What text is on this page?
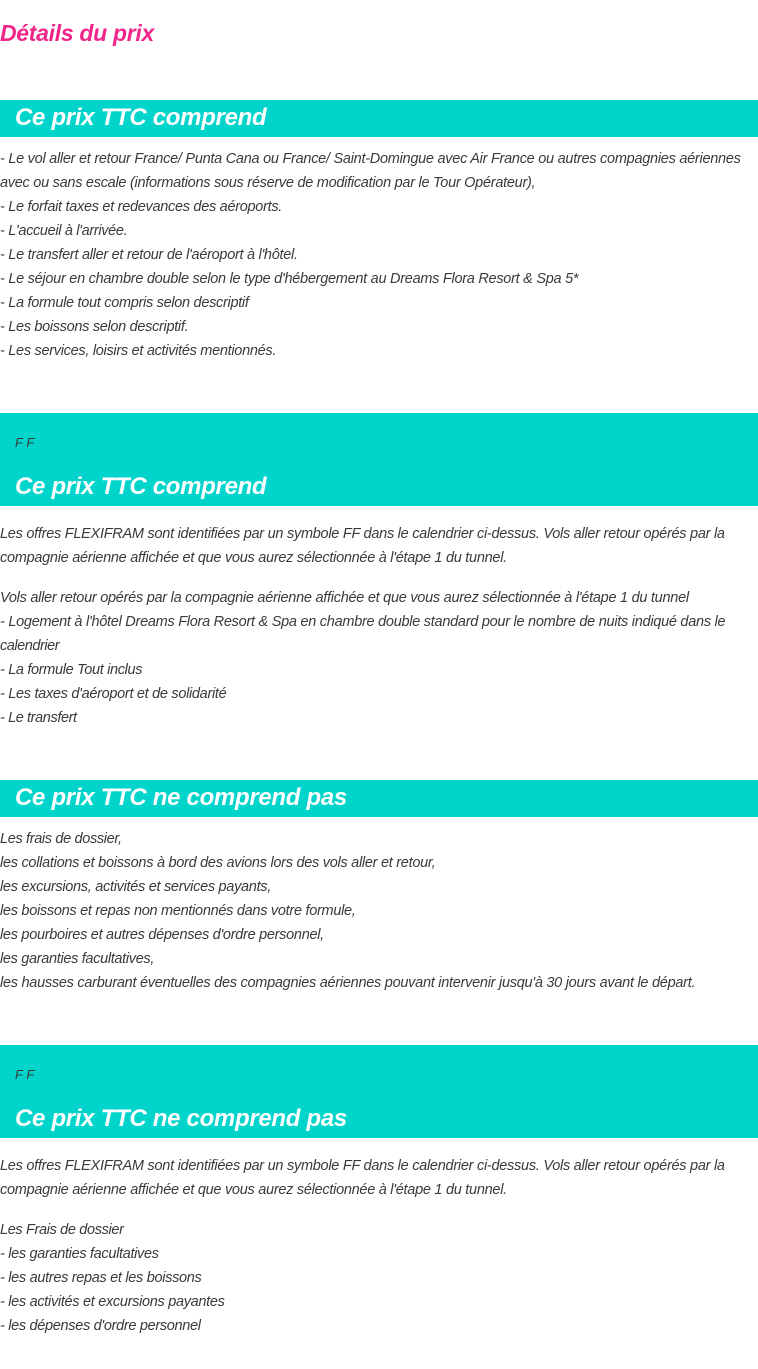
Détails du prix
Ce prix TTC comprend
- Le vol aller et retour France/ Punta Cana ou France/ Saint-Domingue avec Air France ou autres compagnies aériennes
avec ou sans escale (informations sous réserve de modification par le Tour Opérateur),
- Le forfait taxes et redevances des aéroports.
- L'accueil à l'arrivée.
- Le transfert aller et retour de l'aéroport à l'hôtel.
- Le séjour en chambre double selon le type d'hébergement au Dreams Flora Resort & Spa 5*
- La formule tout compris selon descriptif
- Les boissons selon descriptif.
- Les services, loisirs et activités mentionnés.
F F
Ce prix TTC comprend
Les offres FLEXIFRAM sont identifiées par un symbole FF dans le calendrier ci-dessus. Vols aller retour opérés par la
compagnie aérienne affichée et que vous aurez sélectionnée à l'étape 1 du tunnel.
Vols aller retour opérés par la compagnie aérienne affichée et que vous aurez sélectionnée à l'étape 1 du tunnel
- Logement à l'hôtel Dreams Flora Resort & Spa en chambre double standard pour le nombre de nuits indiqué dans le
calendrier
- La formule Tout inclus
- Les taxes d'aéroport et de solidarité
- Le transfert
Ce prix TTC ne comprend pas
Les frais de dossier,
les collations et boissons à bord des avions lors des vols aller et retour,
les excursions, activités et services payants,
les boissons et repas non mentionnés dans votre formule,
les pourboires et autres dépenses d'ordre personnel,
les garanties facultatives,
les hausses carburant éventuelles des compagnies aériennes pouvant intervenir jusqu'à 30 jours avant le départ.
F F
Ce prix TTC ne comprend pas
Les offres FLEXIFRAM sont identifiées par un symbole FF dans le calendrier ci-dessus. Vols aller retour opérés par la
compagnie aérienne affichée et que vous aurez sélectionnée à l'étape 1 du tunnel.
Les Frais de dossier
- les garanties facultatives
- les autres repas et les boissons
- les activités et excursions payantes
- les dépenses d'ordre personnel
